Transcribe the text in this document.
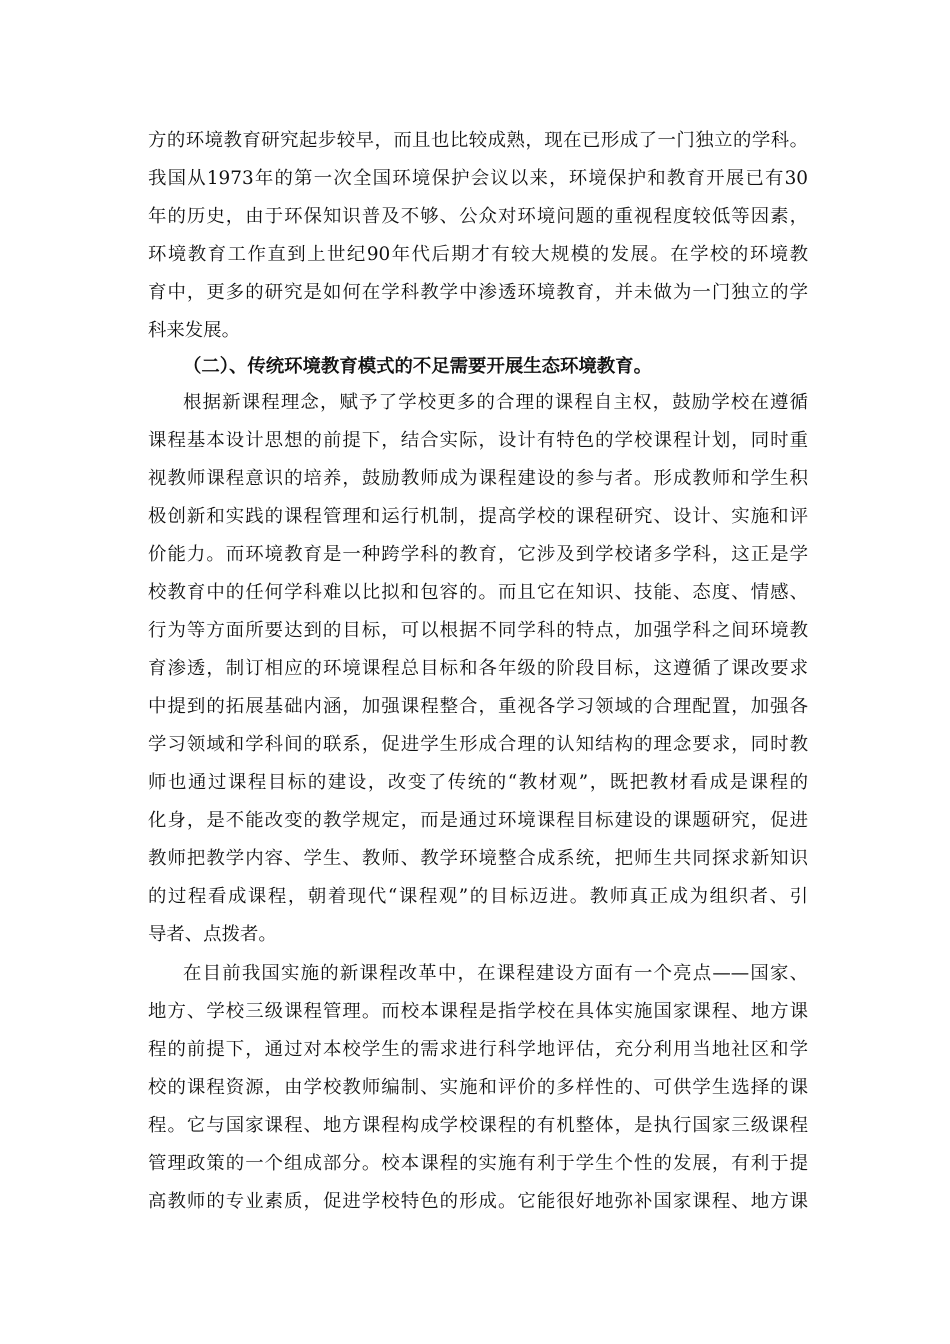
方的环境教育研究起步较早，而且也比较成熟，现在已形成了一门独立的学科。
我国从1973年的第一次全国环境保护会议以来，环境保护和教育开展已有30
年的历史，由于环保知识普及不够、公众对环境问题的重视程度较低等因素，
环境教育工作直到上世纪90年代后期才有较大规模的发展。在学校的环境教
育中，更多的研究是如何在学科教学中渗透环境教育，并未做为一门独立的学
科来发展。
（二）、传统环境教育模式的不足需要开展生态环境教育。
根据新课程理念，赋予了学校更多的合理的课程自主权，鼓励学校在遵循
课程基本设计思想的前提下，结合实际，设计有特色的学校课程计划，同时重
视教师课程意识的培养，鼓励教师成为课程建设的参与者。形成教师和学生积
极创新和实践的课程管理和运行机制，提高学校的课程研究、设计、实施和评
价能力。而环境教育是一种跨学科的教育，它涉及到学校诸多学科，这正是学
校教育中的任何学科难以比拟和包容的。而且它在知识、技能、态度、情感、
行为等方面所要达到的目标，可以根据不同学科的特点，加强学科之间环境教
育渗透，制订相应的环境课程总目标和各年级的阶段目标，这遵循了课改要求
中提到的拓展基础内涵，加强课程整合，重视各学习领域的合理配置，加强各
学习领域和学科间的联系，促进学生形成合理的认知结构的理念要求，同时教
师也通过课程目标的建设，改变了传统的“教材观”，既把教材看成是课程的
化身，是不能改变的教学规定，而是通过环境课程目标建设的课题研究，促进
教师把教学内容、学生、教师、教学环境整合成系统，把师生共同探求新知识
的过程看成课程，朝着现代“课程观”的目标迈进。教师真正成为组织者、引
导者、点拨者。
在目前我国实施的新课程改革中，在课程建设方面有一个亮点——国家、
地方、学校三级课程管理。而校本课程是指学校在具体实施国家课程、地方课
程的前提下，通过对本校学生的需求进行科学地评估，充分利用当地社区和学
校的课程资源，由学校教师编制、实施和评价的多样性的、可供学生选择的课
程。它与国家课程、地方课程构成学校课程的有机整体，是执行国家三级课程
管理政策的一个组成部分。校本课程的实施有利于学生个性的发展，有利于提
高教师的专业素质，促进学校特色的形成。它能很好地弥补国家课程、地方课
